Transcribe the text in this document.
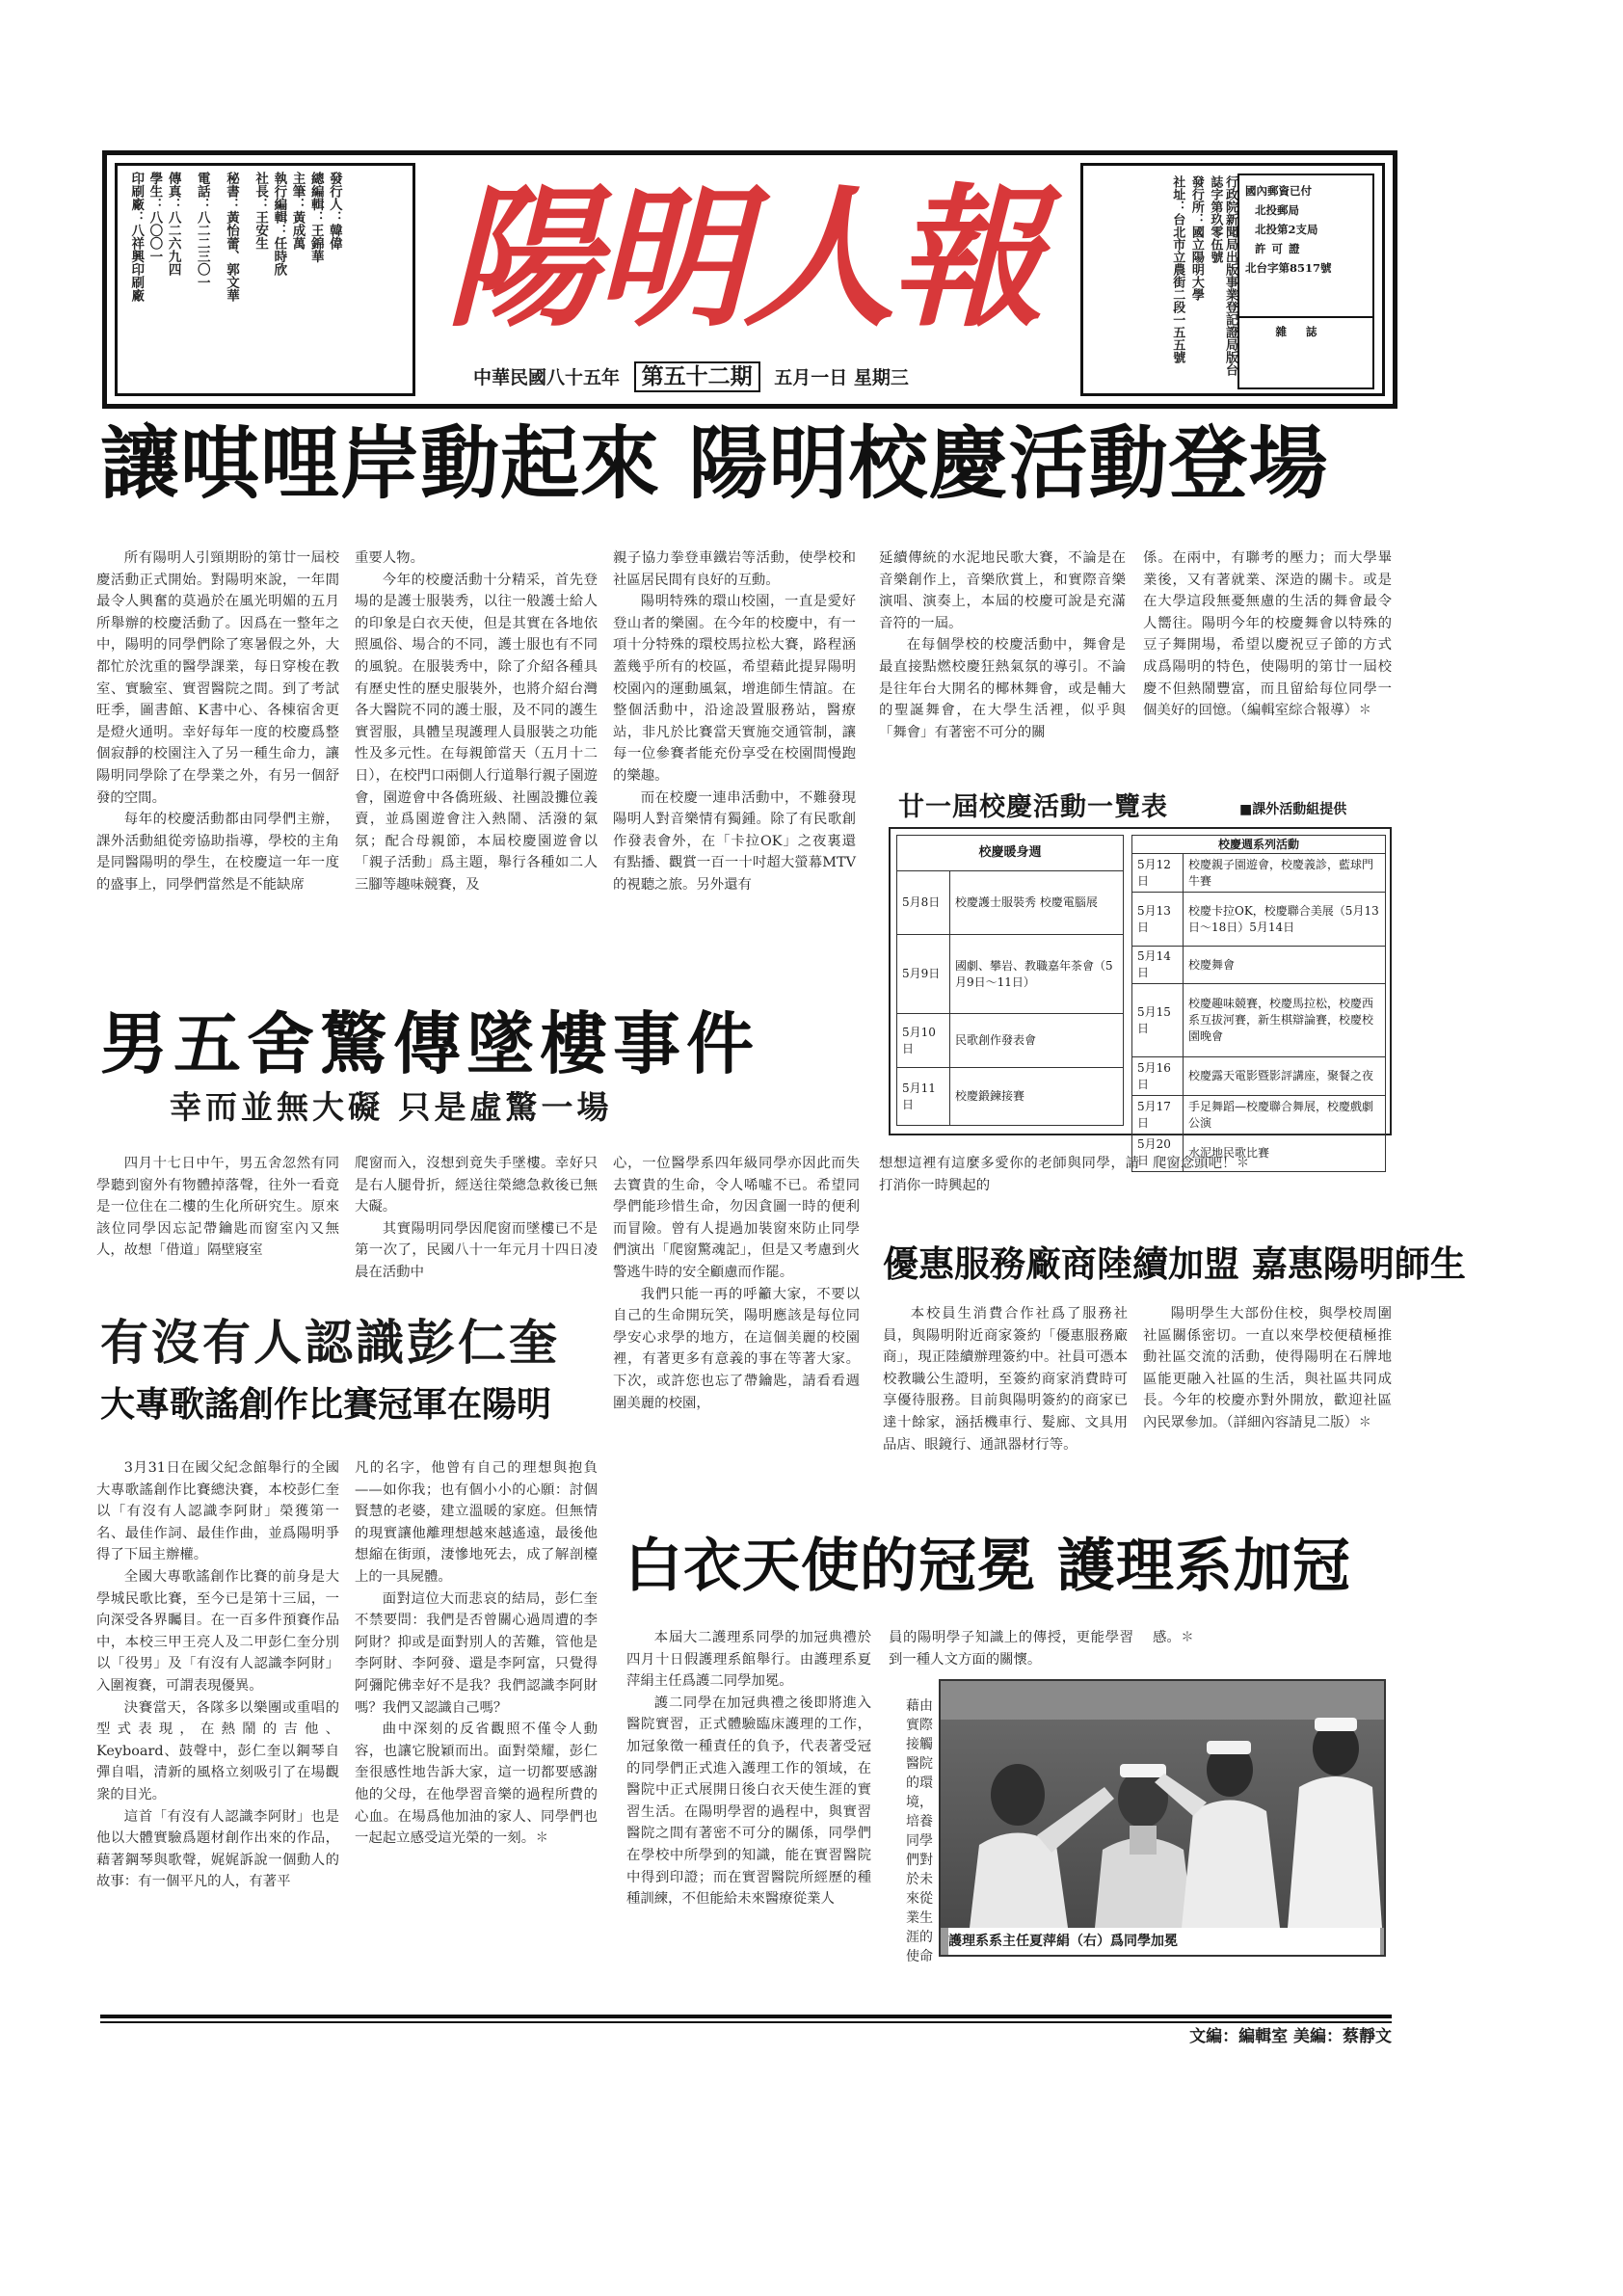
發行人：韓偉
總編輯：王錦華
主筆：黃成萬
執行編輯：任時欣
社長：王安生
秘書：黃怡蕾、郭文華
電話：八二二三〇一
傳真：八二六九四
學生：八〇〇一
印刷廠：八祥興印刷廠 陽明人報
中華民國八十五年 第五十二期 五月一日 星期三
行政院新聞局出版事業登記證局版台誌字第玖零伍號
發行所：國立陽明大學
社址：台北市立農街二段一五五號	國內郵資已付
北投郵局
北投第2支局
許可證
北台字第8517號
雜誌
讓唭哩岸動起來 陽明校慶活動登場

所有陽明人引頸期盼的第廿一屆校慶活動正式開始。對陽明來說，一年間最令人興奮的莫過於在風光明媚的五月所舉辦的校慶活動了。因爲在一整年之中，陽明的同學們除了寒暑假之外，大都忙於沈重的醫學課業，每日穿梭在教室、實驗室、實習醫院之間。到了考試旺季，圖書館、K書中心、各棟宿舍更是燈火通明。幸好每年一度的校慶爲整個寂靜的校園注入了另一種生命力，讓陽明同學除了在學業之外，有另一個舒發的空間。

每年的校慶活動都由同學們主辦，課外活動組從旁協助指導，學校的主角是同醫陽明的學生，在校慶這一年一度的盛事上，同學們當然是不能缺席

重要人物。

今年的校慶活動十分精采，首先登場的是護士服裝秀，以往一般護士給人的印象是白衣天使，但是其實在各地依照風俗、場合的不同，護士服也有不同的風貌。在服裝秀中，除了介紹各種具有歷史性的歷史服裝外，也將介紹台灣各大醫院不同的護士服，及不同的護生實習服，具體呈現護理人員服裝之功能性及多元性。在每親節當天（五月十二日），在校門口兩側人行道舉行親子園遊會，園遊會中各僑班級、社團設攤位義賣，並爲園遊會注入熱鬧、活潑的氣氛；配合母親節，本屆校慶園遊會以「親子活動」爲主題，舉行各種如二人三腳等趣味競賽，及

親子協力拳登車鐵岩等活動，使學校和社區居民間有良好的互動。

陽明特殊的環山校園，一直是愛好登山者的樂園。在今年的校慶中，有一項十分特殊的環校馬拉松大賽，路程涵蓋幾乎所有的校區，希望藉此提昇陽明校園內的運動風氣，增進師生情誼。在整個活動中，沿途設置服務站，醫療站，非凡於比賽當天實施交通管制，讓每一位參賽者能充份享受在校園間慢跑的樂趣。

而在校慶一連串活動中，不難發現陽明人對音樂情有獨鍾。除了有民歌創作發表會外，在「卡拉OK」之夜裏還有點播、觀賞一百一十吋超大螢幕MTV的視聽之旅。另外還有

延續傳統的水泥地民歌大賽，不論是在音樂創作上，音樂欣賞上，和實際音樂演唱、演奏上，本屆的校慶可說是充滿音符的一屆。

在每個學校的校慶活動中，舞會是最直接點燃校慶狂熱氣氛的導引。不論是往年台大開名的椰林舞會，或是輔大的聖誕舞會，在大學生活裡，似乎與「舞會」有著密不可分的關

係。在兩中，有聯考的壓力；而大學畢業後，又有著就業、深造的關卡。或是在大學這段無憂無慮的生活的舞會最令人嚮往。陽明今年的校慶舞會以特殊的豆子舞開場，希望以慶祝豆子節的方式成爲陽明的特色，使陽明的第廿一屆校慶不但熱鬧豐富，而且留給每位同學一個美好的回憶。（編輯室綜合報導）✽

廿一屆校慶活動一覽表	■課外活動組提供
校慶暖身週
5月8日	校慶護士服裝秀 校慶電腦展
5月9日	國劇、攀岩、教職嘉年茶會（5月9日～11日）
5月10日	民歌創作發表會
5月11日	校慶鍛鍊接賽
校慶週系列活動
5月12日	校慶親子園遊會，校慶義診，藍球門牛賽
5月13日	校慶卡拉OK，校慶聯合美展（5月13日～18日）5月14日
5月14日	校慶舞會
5月15日	校慶趣味競賽，校慶馬拉松，校慶西系互拔河賽，新生棋辯論賽，校慶校園晚會
5月16日	校慶露天電影暨影評講座，聚餐之夜
5月17日	手足舞蹈—校慶聯合舞展，校慶戲劇公演
5月20日	水泥地民歌比賽
男五舍驚傳墜樓事件
幸而並無大礙 只是虛驚一場

四月十七日中午，男五舍忽然有同學聽到窗外有物體掉落聲，往外一看竟是一位住在二樓的生化所研究生。原來該位同學因忘記帶鑰匙而窗室內又無人，故想「借道」隔壁寢室

爬窗而入，沒想到竟失手墜樓。幸好只是右人腿骨折，經送往榮總急救後已無大礙。

其實陽明同學因爬窗而墜樓已不是第一次了，民國八十一年元月十四日凌晨在活動中

心，一位醫學系四年級同學亦因此而失去寶貴的生命，令人唏噓不已。希望同學們能珍惜生命，勿因貪圖一時的便利而冒險。曾有人提過加裝窗來防止同學們演出「爬窗驚魂記」，但是又考慮到火警逃牛時的安全顧慮而作罷。

我們只能一再的呼籲大家，不要以自己的生命開玩笑，陽明應該是每位同學安心求學的地方，在這個美麗的校園裡，有著更多有意義的事在等著大家。下次，或許您也忘了帶鑰匙，請看看週圍美麗的校園，

想想這裡有這麼多愛你的老師與同學，請打消你一時興起的

爬窗念頭吧！✽

優惠服務廠商陸續加盟 嘉惠陽明師生

本校員生消費合作社爲了服務社員，與陽明附近商家簽約「優惠服務廠商」，現正陸續辦理簽約中。社員可憑本校教職公生證明，至簽約商家消費時可享優待服務。目前與陽明簽約的商家已達十餘家，涵括機車行、髮廊、文具用品店、眼鏡行、通訊器材行等。

陽明學生大部份住校，與學校周圍社區關係密切。一直以來學校便積極推動社區交流的活動，使得陽明在石牌地區能更融入社區的生活，與社區共同成長。今年的校慶亦對外開放，歡迎社區內民眾參加。（詳細內容請見二版）✽

有沒有人認識彭仁奎
大專歌謠創作比賽冠軍在陽明

3月31日在國父紀念館舉行的全國大專歌謠創作比賽總決賽，本校彭仁奎以「有沒有人認識李阿財」榮獲第一名、最佳作詞、最佳作曲，並爲陽明爭得了下屆主辦權。

全國大專歌謠創作比賽的前身是大學城民歌比賽，至今已是第十三屆，一向深受各界矚目。在一百多件預賽作品中，本校三甲王亮人及二甲彭仁奎分別以「役男」及「有沒有人認識李阿財」入圍複賽，可謂表現優異。

決賽當天，各隊多以樂團或重唱的型式表現，在熱鬧的吉他、Keyboard、鼓聲中，彭仁奎以鋼琴自彈自唱，清新的風格立刻吸引了在場觀衆的目光。

這首「有沒有人認識李阿財」也是他以大體實驗爲題材創作出來的作品，藉著鋼琴與歌聲，娓娓訴說一個動人的故事：有一個平凡的人，有著平

凡的名字，他曾有自己的理想與抱負——如你我；也有個小小的心願：討個賢慧的老婆，建立溫暖的家庭。但無情的現實讓他離理想越來越遙遠，最後他想縮在街頭，淒慘地死去，成了解剖檯上的一具屍體。

面對這位大而悲哀的結局，彭仁奎不禁要問：我們是否曾關心過周遭的李阿財？抑或是面對別人的苦難，管他是李阿財、李阿發、還是李阿富，只覺得阿彌陀佛幸好不是我？我們認識李阿財嗎？我們又認識自己嗎？

曲中深刻的反省觀照不僅令人動容，也讓它脫穎而出。面對榮耀，彭仁奎很感性地告訴大家，這一切都要感謝他的父母，在他學習音樂的過程所費的心血。在場爲他加油的家人、同學們也一起起立感受這光榮的一刻。✽

白衣天使的冠冕 護理系加冠

本屆大二護理系同學的加冠典禮於四月十日假護理系館舉行。由護理系夏萍絹主任爲護二同學加冕。

護二同學在加冠典禮之後即將進入醫院實習，正式體驗臨床護理的工作，加冠象徵一種責任的負予，代表著受冠的同學們正式進入護理工作的領域，在醫院中正式展開日後白衣天使生涯的實習生活。在陽明學習的過程中，與實習醫院之間有著密不可分的關係，同學們在學校中所學到的知識，能在實習醫院中得到印證；而在實習醫院所經歷的種種訓練，不但能給未來醫療從業人

員的陽明學子知識上的傳授，更能學習到一種人文方面的關懷。

感。✽

藉由實際接觸醫院的環境，培養同學們對於未來從業生涯的使命

護理系系主任夏萍絹（右）爲同學加冕
文編：編輯室 美編：蔡靜文
